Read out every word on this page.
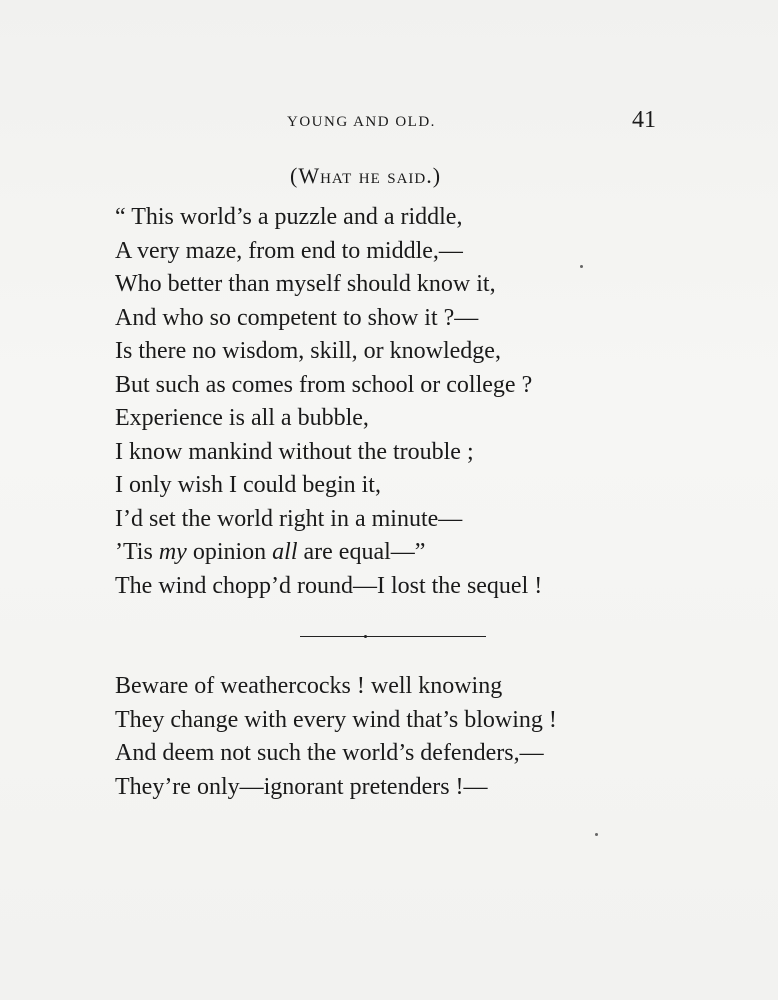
YOUNG AND OLD.	41
(What he said.)
“ This world’s a puzzle and a riddle,
A very maze, from end to middle,—
Who better than myself should know it,
And who so competent to show it ?—
Is there no wisdom, skill, or knowledge,
But such as comes from school or college ?
Experience is all a bubble,
I know mankind without the trouble ;
I only wish I could begin it,
I’d set the world right in a minute—
’Tis my opinion all are equal—”
The wind chopp’d round—I lost the sequel !
Beware of weathercocks ! well knowing
They change with every wind that’s blowing !
And deem not such the world’s defenders,—
They’re only—ignorant pretenders !—
